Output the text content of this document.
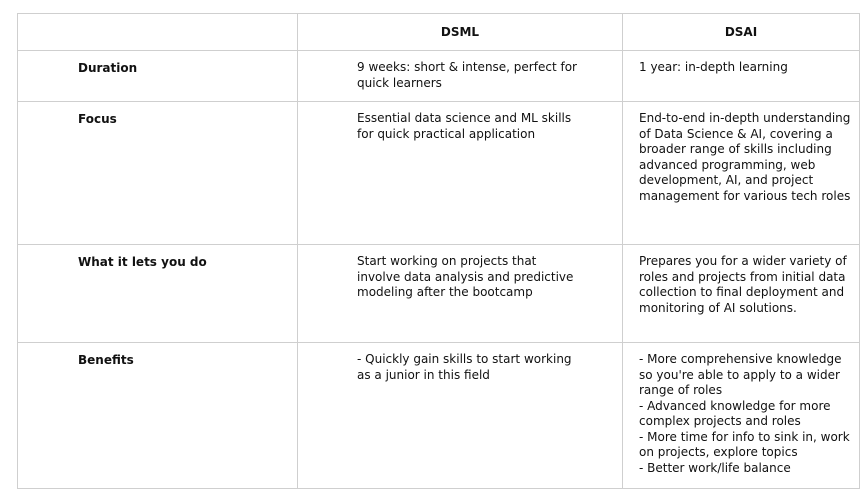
	DSML	DSAI

Duration	9 weeks: short & intense, perfect for quick learners	1 year: in-depth learning

Focus	Essential data science and ML skills for quick practical application	End-to-end in-depth understanding of Data Science & AI, covering a broader range of skills including advanced programming, web development, AI, and project management for various tech roles

What it lets you do	Start working on projects that involve data analysis and predictive modeling after the bootcamp	Prepares you for a wider variety of roles and projects from initial data collection to final deployment and monitoring of AI solutions.

Benefits	- Quickly gain skills to start working as a junior in this field	- More comprehensive knowledge so you're able to apply to a wider range of roles
- Advanced knowledge for more complex projects and roles
- More time for info to sink in, work on projects, explore topics
- Better work/life balance
